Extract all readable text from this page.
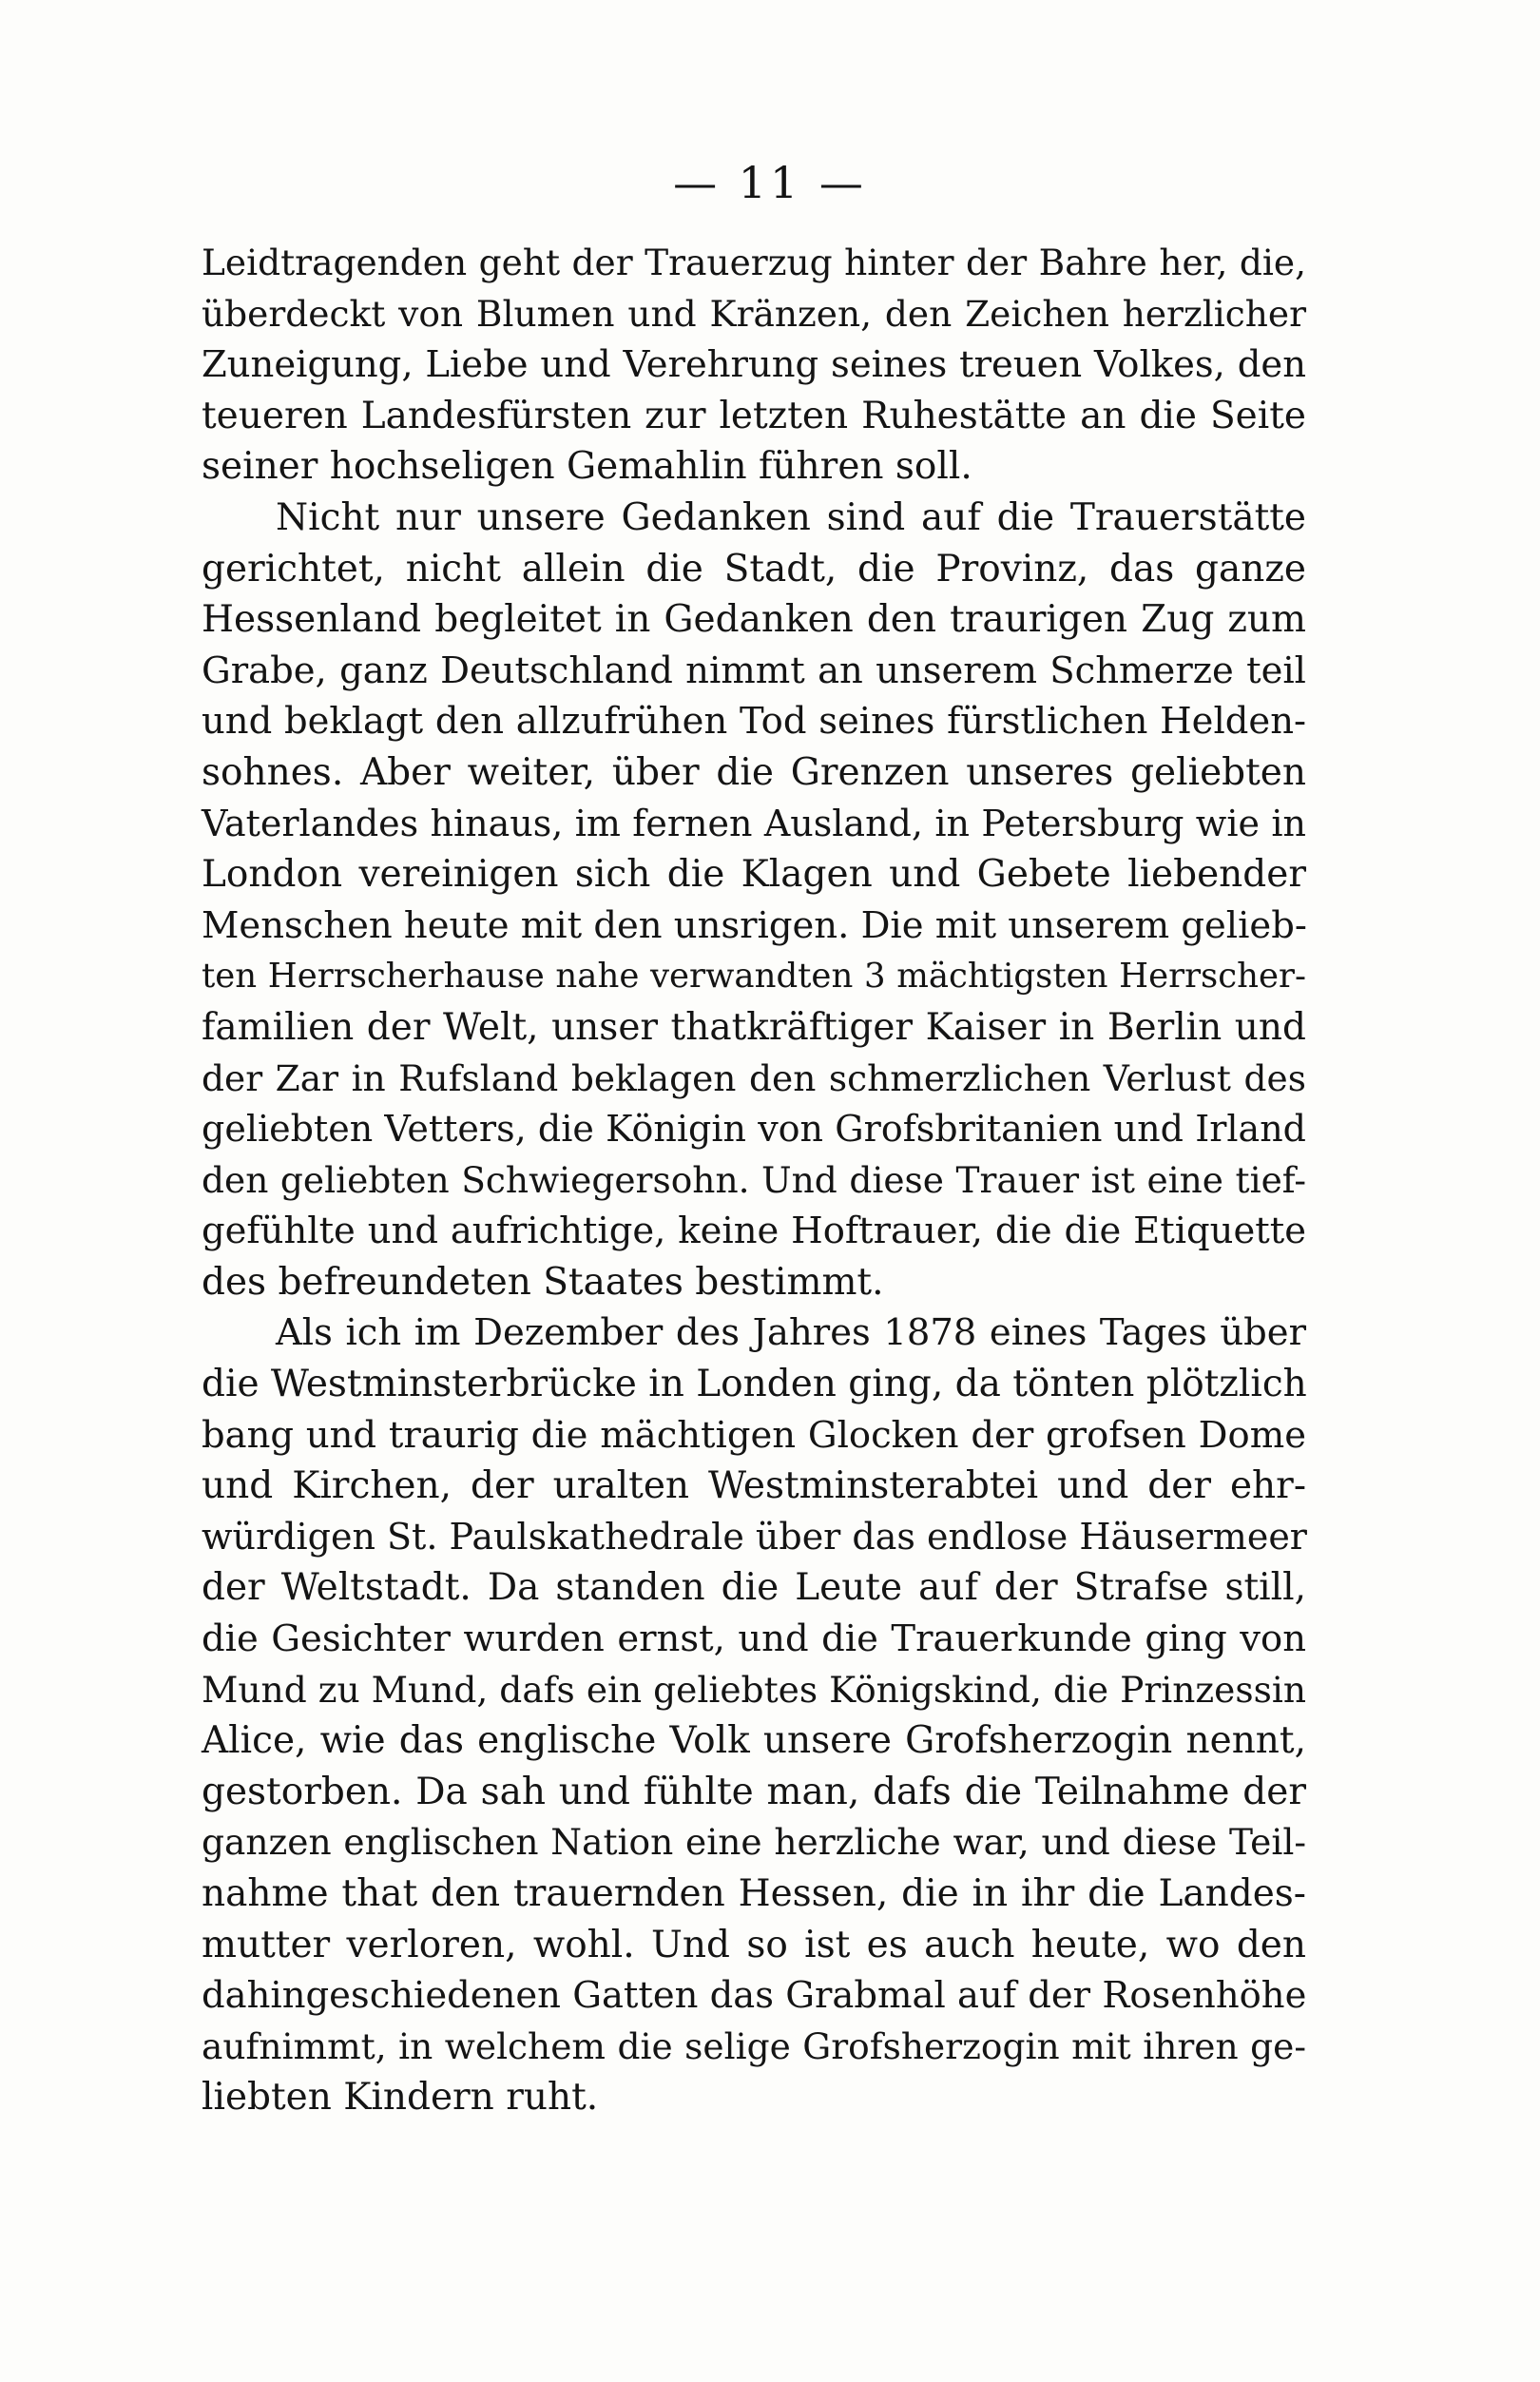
— 11 —

Leidtragenden geht der Trauerzug hinter der Bahre her, die,
überdeckt von Blumen und Kränzen, den Zeichen herzlicher
Zuneigung, Liebe und Verehrung seines treuen Volkes, den
teueren Landesfürsten zur letzten Ruhestätte an die Seite
seiner hochseligen Gemahlin führen soll.
Nicht nur unsere Gedanken sind auf die Trauerstätte
gerichtet, nicht allein die Stadt, die Provinz, das ganze
Hessenland begleitet in Gedanken den traurigen Zug zum
Grabe, ganz Deutschland nimmt an unserem Schmerze teil
und beklagt den allzufrühen Tod seines fürstlichen Helden-
sohnes. Aber weiter, über die Grenzen unseres geliebten
Vaterlandes hinaus, im fernen Ausland, in Petersburg wie in
London vereinigen sich die Klagen und Gebete liebender
Menschen heute mit den unsrigen. Die mit unserem gelieb-
ten Herrscherhause nahe verwandten 3 mächtigsten Herrscher-
familien der Welt, unser thatkräftiger Kaiser in Berlin und
der Zar in Rufsland beklagen den schmerzlichen Verlust des
geliebten Vetters, die Königin von Grofsbritanien und Irland
den geliebten Schwiegersohn. Und diese Trauer ist eine tief-
gefühlte und aufrichtige, keine Hoftrauer, die die Etiquette
des befreundeten Staates bestimmt.
Als ich im Dezember des Jahres 1878 eines Tages über
die Westminsterbrücke in Londen ging, da tönten plötzlich
bang und traurig die mächtigen Glocken der grofsen Dome
und Kirchen, der uralten Westminsterabtei und der ehr-
würdigen St. Paulskathedrale über das endlose Häusermeer
der Weltstadt. Da standen die Leute auf der Strafse still,
die Gesichter wurden ernst, und die Trauerkunde ging von
Mund zu Mund, dafs ein geliebtes Königskind, die Prinzessin
Alice, wie das englische Volk unsere Grofsherzogin nennt,
gestorben. Da sah und fühlte man, dafs die Teilnahme der
ganzen englischen Nation eine herzliche war, und diese Teil-
nahme that den trauernden Hessen, die in ihr die Landes-
mutter verloren, wohl. Und so ist es auch heute, wo den
dahingeschiedenen Gatten das Grabmal auf der Rosenhöhe
aufnimmt, in welchem die selige Grofsherzogin mit ihren ge-
liebten Kindern ruht.
